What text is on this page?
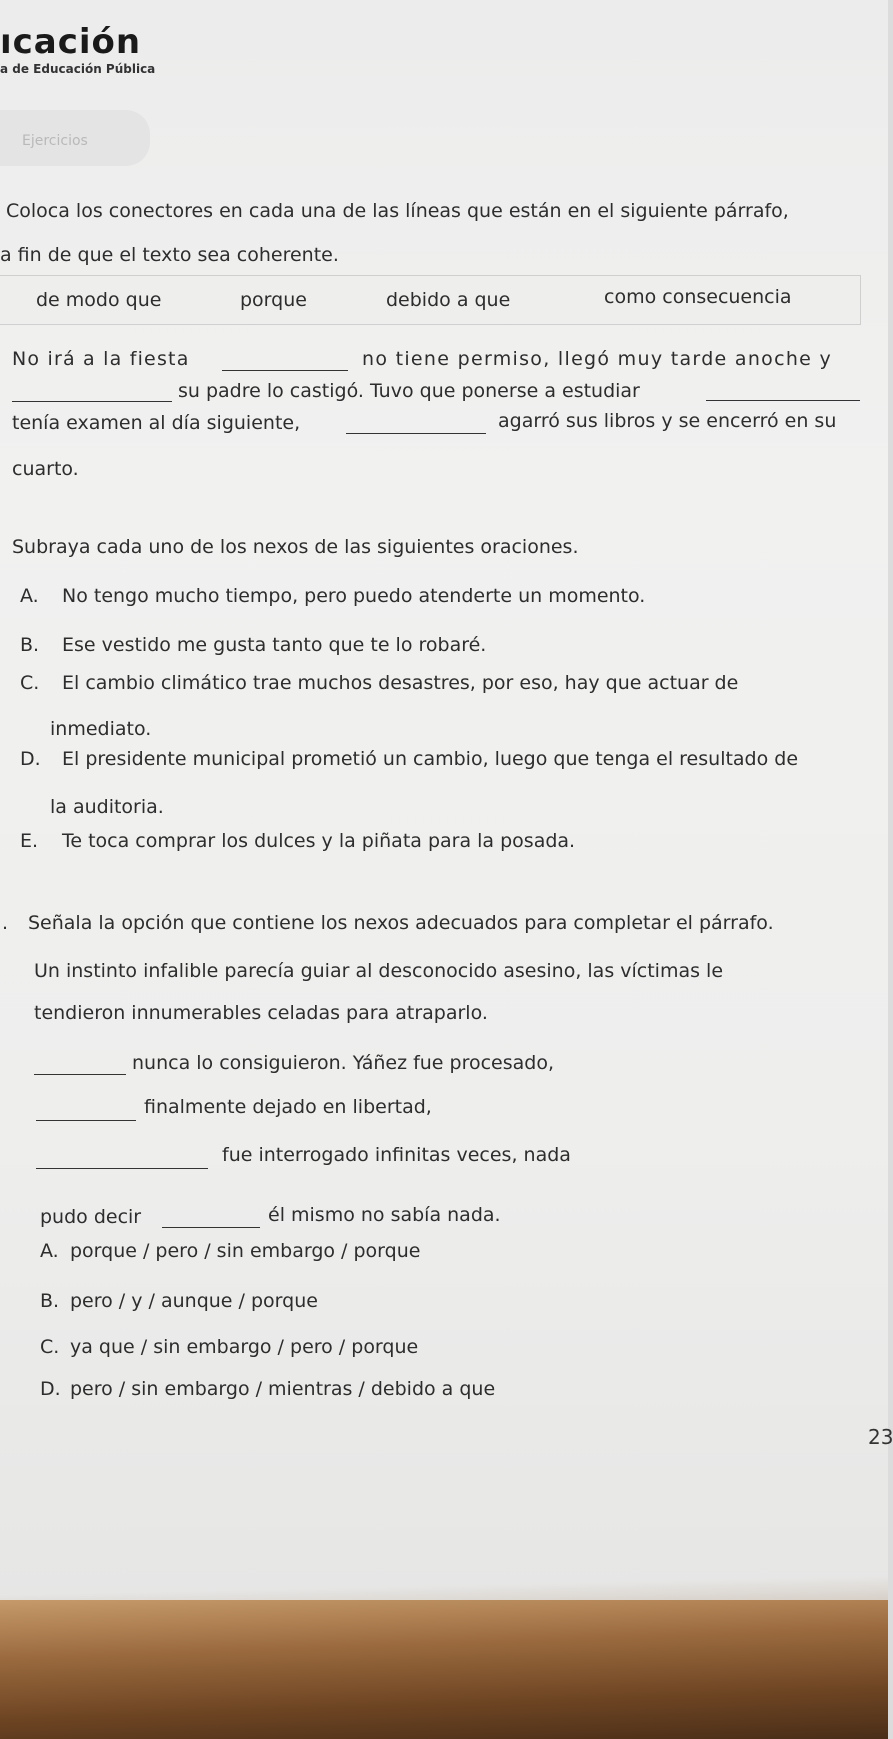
ıcación
a de Educación Pública
Ejercicios
Coloca los conectores en cada una de las líneas que están en el siguiente párrafo,
a fin de que el texto sea coherente.
de modo que	porque	debido a que	como consecuencia
No irá a la fiesta	no tiene permiso, llegó muy tarde anoche y
su padre lo castigó. Tuvo que ponerse a estudiar
tenía examen al día siguiente,	agarró sus libros y se encerró en su
cuarto.
Subraya cada uno de los nexos de las siguientes oraciones.
A. No tengo mucho tiempo, pero puedo atenderte un momento.
B. Ese vestido me gusta tanto que te lo robaré.
C. El cambio climático trae muchos desastres, por eso, hay que actuar de
inmediato.
D. El presidente municipal prometió un cambio, luego que tenga el resultado de
la auditoria.
E. Te toca comprar los dulces y la piñata para la posada.
. Señala la opción que contiene los nexos adecuados para completar el párrafo.
Un instinto infalible parecía guiar al desconocido asesino, las víctimas le
tendieron innumerables celadas para atraparlo.
nunca lo consiguieron. Yáñez fue procesado,
finalmente dejado en libertad,
fue interrogado infinitas veces, nada
pudo decir	él mismo no sabía nada.
A. porque / pero / sin embargo / porque
B. pero / y / aunque / porque
C. ya que / sin embargo / pero / porque
D. pero / sin embargo / mientras / debido a que
23
